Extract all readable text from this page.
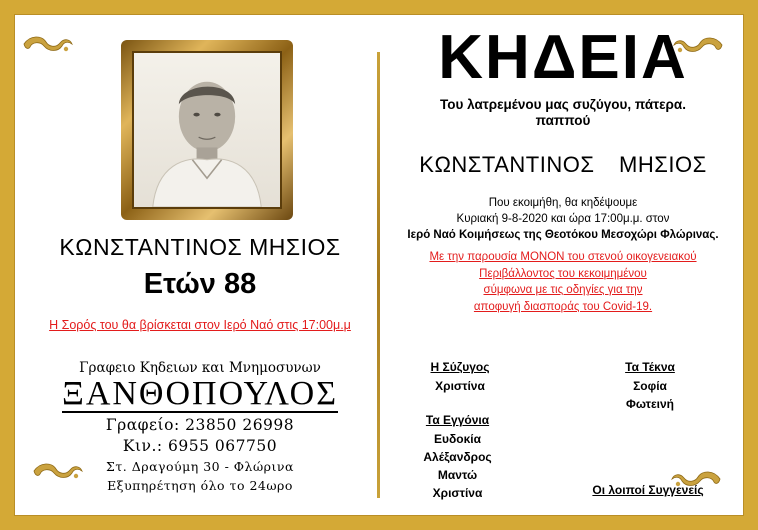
ΚΩΝΣΤΑΝΤΙΝΟΣ ΜΗΣΙΟΣ
Ετών 88
Η Σορός του θα βρίσκεται στον Ιερό Ναό στις 17:00μ.μ
Γραφειο Κηδειων και Μνημοσυνων
ΞΑΝΘΟΠΟΥΛΟΣ
Γραφείο: 23850 26998
Κιν.: 6955 067750
Στ. Δραγούμη 30 - Φλώρινα
Εξυπηρέτηση όλο το 24ωρο
ΚΗΔΕΙΑ
Του λατρεμένου μας συζύγου, πάτερα.
παππού
ΚΩΝΣΤΑΝΤΙΝΟΣ ΜΗΣΙΟΣ
Που εκοιμήθη, θα κηδέψουμε
Κυριακή 9-8-2020 και ώρα 17:00μ.μ. στον
Ιερό Ναό Κοιμήσεως της Θεοτόκου Μεσοχώρι Φλώρινας.
Με την παρουσία ΜΟΝΟΝ του στενού οικογενειακού
Περιβάλλοντος του κεκοιμημένου
σύμφωνα με τις οδηγίες για την
αποφυγή διασποράς του Covid-19.
Η Σύζυγος
Χριστίνα
Τα Τέκνα
Σοφία
Φωτεινή
Τα Εγγόνια
Ευδοκία
Αλέξανδρος
Μαντώ
Χριστίνα	Οι λοιποί Συγγενείς
